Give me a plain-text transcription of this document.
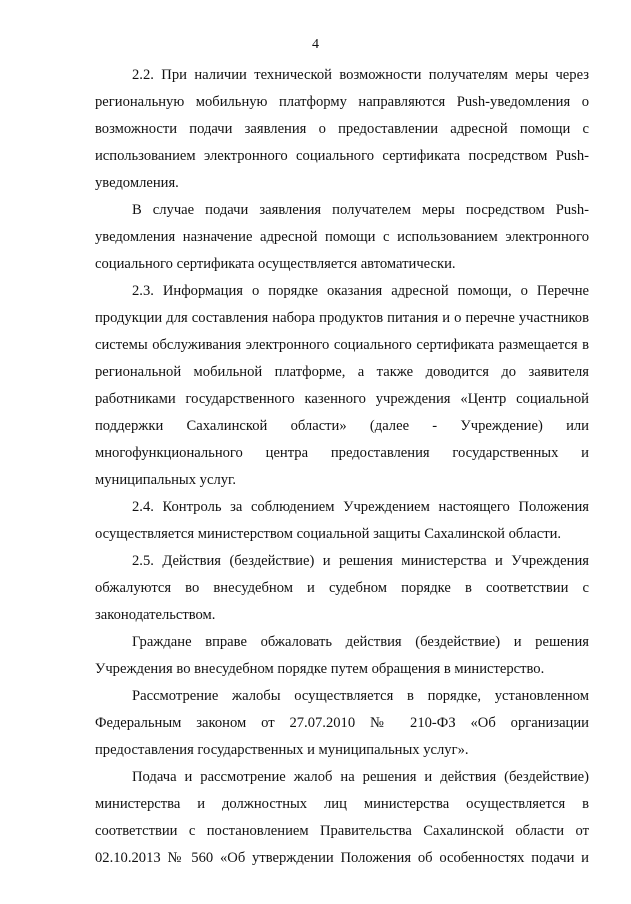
4
2.2. При наличии технической возможности получателям меры через
региональную мобильную платформу направляются Push-уведомления о
возможности подачи заявления о предоставлении адресной помощи с
использованием электронного социального сертификата посредством Push-
уведомления.
В случае подачи заявления получателем меры посредством Push-
уведомления назначение адресной помощи с использованием электронного
социального сертификата осуществляется автоматически.
2.3. Информация о порядке оказания адресной помощи, о Перечне
продукции для составления набора продуктов питания и о перечне участников
системы обслуживания электронного социального сертификата размещается в
региональной мобильной платформе, а также доводится до заявителя
работниками государственного казенного учреждения «Центр социальной
поддержки Сахалинской области» (далее - Учреждение) или
многофункционального центра предоставления государственных и
муниципальных услуг.
2.4. Контроль за соблюдением Учреждением настоящего Положения
осуществляется министерством социальной защиты Сахалинской области.
2.5. Действия (бездействие) и решения министерства и Учреждения
обжалуются во внесудебном и судебном порядке в соответствии с
законодательством.
Граждане вправе обжаловать действия (бездействие) и решения
Учреждения во внесудебном порядке путем обращения в министерство.
Рассмотрение жалобы осуществляется в порядке, установленном
Федеральным законом от 27.07.2010 № 210-ФЗ «Об организации
предоставления государственных и муниципальных услуг».
Подача и рассмотрение жалоб на решения и действия (бездействие)
министерства и должностных лиц министерства осуществляется в
соответствии с постановлением Правительства Сахалинской области от
02.10.2013 № 560 «Об утверждении Положения об особенностях подачи и
